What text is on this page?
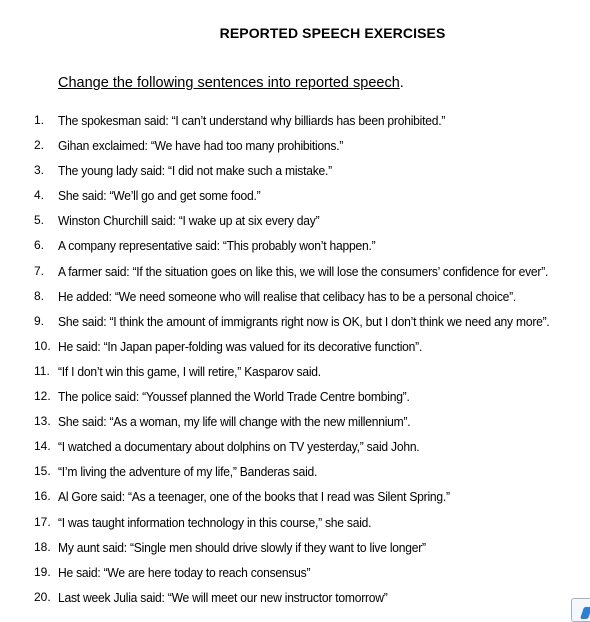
REPORTED SPEECH EXERCISES
Change the following sentences into reported speech.
1. The spokesman said: “I can’t understand why billiards has been prohibited.”
2. Gihan exclaimed: “We have had too many prohibitions.”
3. The young lady said: “I did not make such a mistake.”
4. She said: “We’ll go and get some food.”
5. Winston Churchill said: “I wake up at six every day”
6. A company representative said: “This probably won’t happen.”
7. A farmer said: “If the situation goes on like this, we will lose the consumers’ confidence for ever”.
8. He added: “We need someone who will realise that celibacy has to be a personal choice”.
9. She said: “I think the amount of immigrants right now is OK, but I don’t think we need any more”.
10. He said: “In Japan paper-folding was valued for its decorative function”.
11. “If I don’t win this game, I will retire,” Kasparov said.
12. The police said: “Youssef planned the World Trade Centre bombing”.
13. She said: “As a woman, my life will change with the new millennium”.
14. “I watched a documentary about dolphins on TV yesterday,” said John.
15. “I’m living the adventure of my life,” Banderas said.
16. Al Gore said: “As a teenager, one of the books that I read was Silent Spring.”
17. “I was taught information technology in this course,” she said.
18. My aunt said: “Single men should drive slowly if they want to live longer”
19. He said: “We are here today to reach consensus”
20. Last week Julia said: “We will meet our new instructor tomorrow”
